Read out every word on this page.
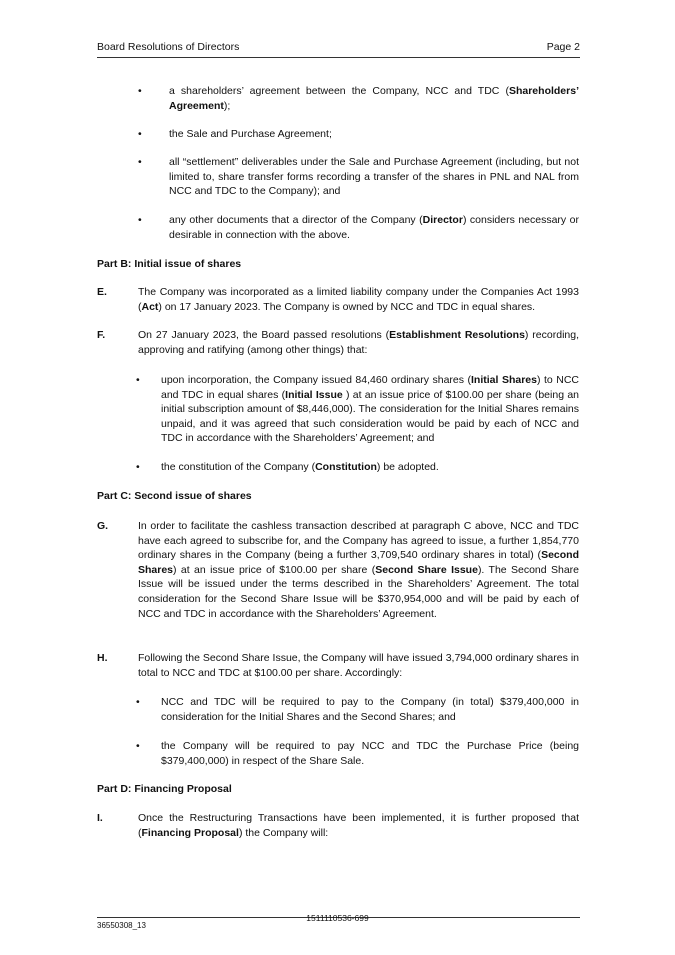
Board Resolutions of Directors	Page 2
•	a shareholders’ agreement between the Company, NCC and TDC (Shareholders’ Agreement);

•	the Sale and Purchase Agreement;

•	all “settlement” deliverables under the Sale and Purchase Agreement (including, but not limited to, share transfer forms recording a transfer of the shares in PNL and NAL from NCC and TDC to the Company); and

•	any other documents that a director of the Company (Director) considers necessary or desirable in connection with the above.

Part B: Initial issue of shares
E.	The Company was incorporated as a limited liability company under the Companies Act 1993 (Act) on 17 January 2023. The Company is owned by NCC and TDC in equal shares.

F.	On 27 January 2023, the Board passed resolutions (Establishment Resolutions) recording, approving and ratifying (among other things) that:

• upon incorporation, the Company issued 84,460 ordinary shares (Initial Shares) to NCC and TDC in equal shares (Initial Issue ) at an issue price of $100.00 per share (being an initial subscription amount of $8,446,000). The consideration for the Initial Shares remains unpaid, and it was agreed that such consideration would be paid by each of NCC and TDC in accordance with the Shareholders’ Agreement; and

• the constitution of the Company (Constitution) be adopted.

Part C: Second issue of shares
G.	In order to facilitate the cashless transaction described at paragraph C above, NCC and TDC have each agreed to subscribe for, and the Company has agreed to issue, a further 1,854,770 ordinary shares in the Company (being a further 3,709,540 ordinary shares in total) (Second Shares) at an issue price of $100.00 per share (Second Share Issue). The Second Share Issue will be issued under the terms described in the Shareholders’ Agreement. The total consideration for the Second Share Issue will be $370,954,000 and will be paid by each of NCC and TDC in accordance with the Shareholders’ Agreement.

H.	Following the Second Share Issue, the Company will have issued 3,794,000 ordinary shares in total to NCC and TDC at $100.00 per share. Accordingly:

• NCC and TDC will be required to pay to the Company (in total) $379,400,000 in consideration for the Initial Shares and the Second Shares; and

• the Company will be required to pay NCC and TDC the Purchase Price (being $379,400,000) in respect of the Share Sale.

Part D: Financing Proposal
I.	Once the Restructuring Transactions have been implemented, it is further proposed that (Financing Proposal) the Company will:

1511110536-699
36550308_13
